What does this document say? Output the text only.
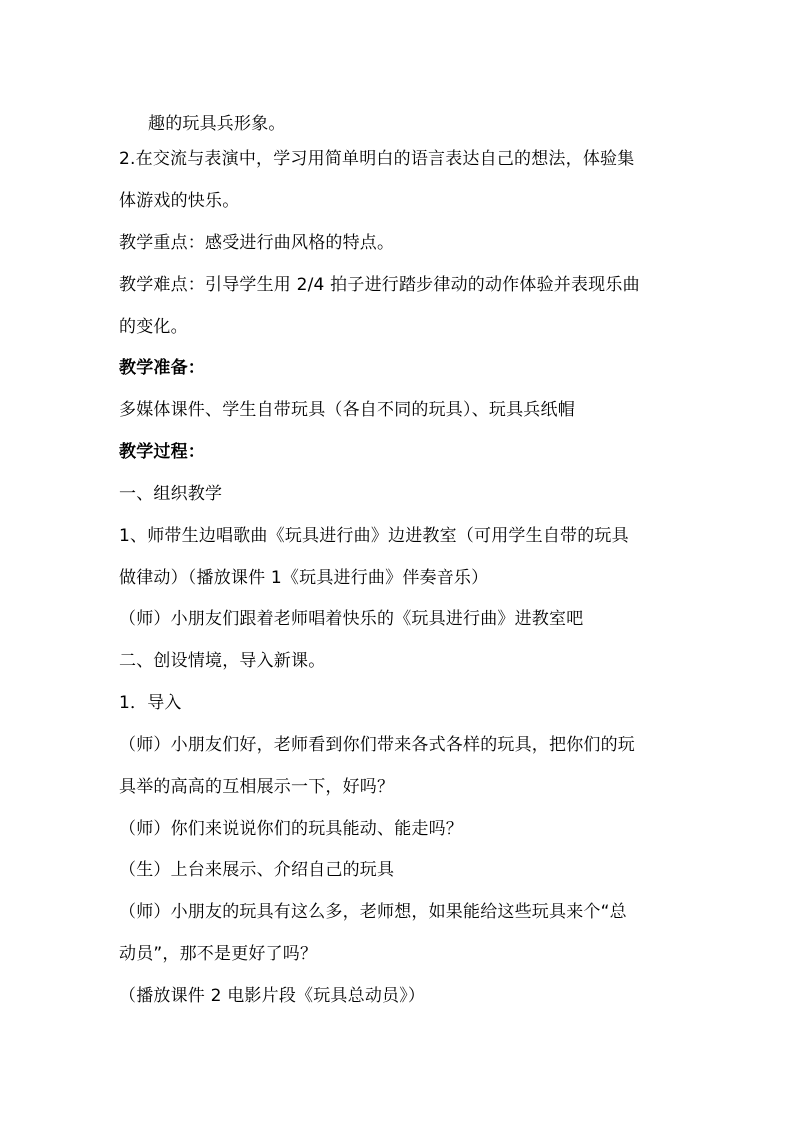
趣的玩具兵形象。
2.在交流与表演中，学习用简单明白的语言表达自己的想法，体验集
体游戏的快乐。
教学重点：感受进行曲风格的特点。
教学难点：引导学生用 2/4 拍子进行踏步律动的动作体验并表现乐曲
的变化。
教学准备：
多媒体课件、学生自带玩具（各自不同的玩具）、玩具兵纸帽
教学过程：
一、组织教学
1、师带生边唱歌曲《玩具进行曲》边进教室（可用学生自带的玩具
做律动）（播放课件 1《玩具进行曲》伴奏音乐）
（师）小朋友们跟着老师唱着快乐的《玩具进行曲》进教室吧
二、创设情境，导入新课。
1．导入
（师）小朋友们好，老师看到你们带来各式各样的玩具，把你们的玩
具举的高高的互相展示一下，好吗？
（师）你们来说说你们的玩具能动、能走吗？
（生）上台来展示、介绍自己的玩具
（师）小朋友的玩具有这么多，老师想，如果能给这些玩具来个“总
动员”，那不是更好了吗？
（播放课件 2 电影片段《玩具总动员》）
